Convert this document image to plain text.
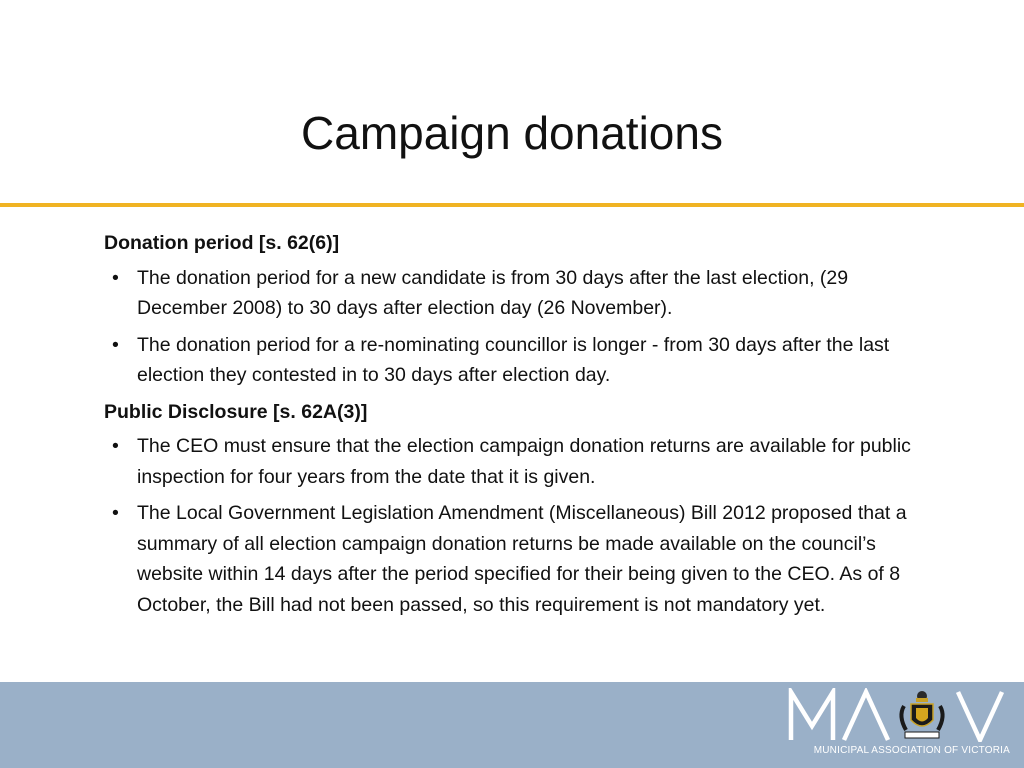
Campaign donations
Donation period [s. 62(6)]
• The donation period for a new candidate is from 30 days after the last election, (29 December 2008) to 30 days after election day (26 November).
• The donation period for a re-nominating councillor is longer - from 30 days after the last election they contested in to 30 days after election day.
Public Disclosure [s. 62A(3)]
• The CEO must ensure that the election campaign donation returns are available for public inspection for four years from the date that it is given.
• The Local Government Legislation Amendment (Miscellaneous) Bill 2012 proposed that a summary of all election campaign donation returns be made available on the council’s website within 14 days after the period specified for their being given to the CEO. As of 8 October, the Bill had not been passed, so this requirement is not mandatory yet.
MUNICIPAL ASSOCIATION OF VICTORIA
